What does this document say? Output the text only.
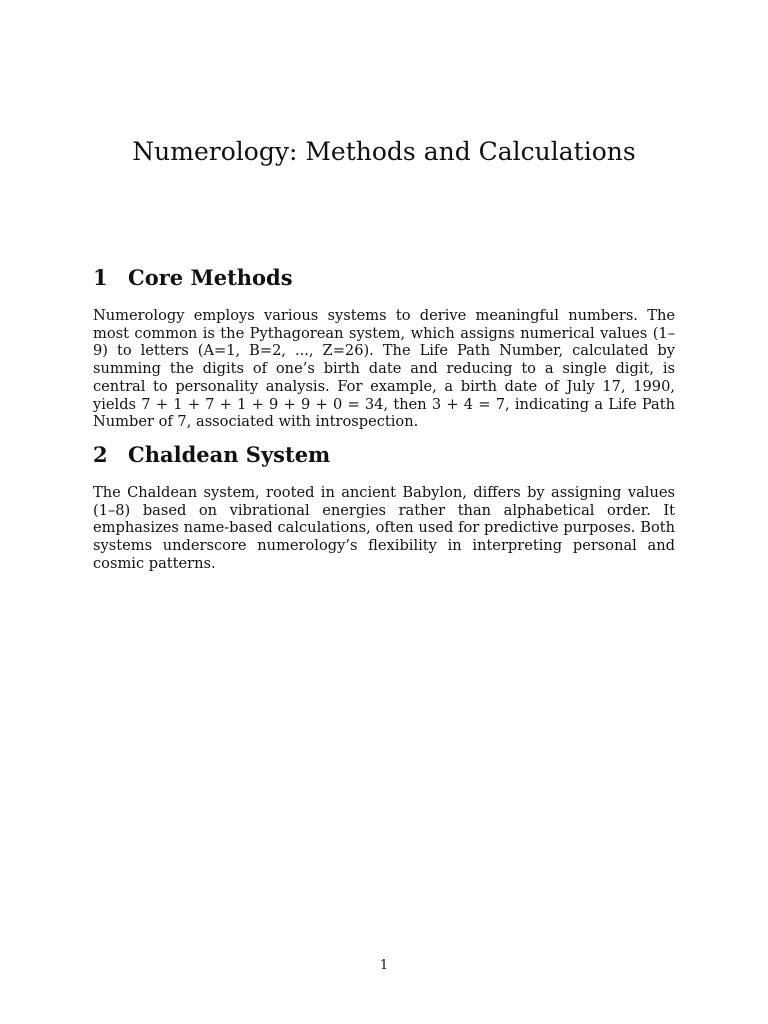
Numerology: Methods and Calculations
1 Core Methods

Numerology employs various systems to derive meaningful numbers. The most common is the Pythagorean system, which assigns numerical values (1–9) to letters (A=1, B=2, ..., Z=26). The Life Path Number, calculated by summing the digits of one’s birth date and reducing to a single digit, is central to personality analysis. For example, a birth date of July 17, 1990, yields 7 + 1 + 7 + 1 + 9 + 9 + 0 = 34, then 3 + 4 = 7, indicating a Life Path Number of 7, associated with introspection.

2 Chaldean System

The Chaldean system, rooted in ancient Babylon, differs by assigning values (1–8) based on vibrational energies rather than alphabetical order. It emphasizes name-based calculations, often used for predictive purposes. Both systems underscore numerology’s flexibility in interpreting personal and cosmic patterns.

1
